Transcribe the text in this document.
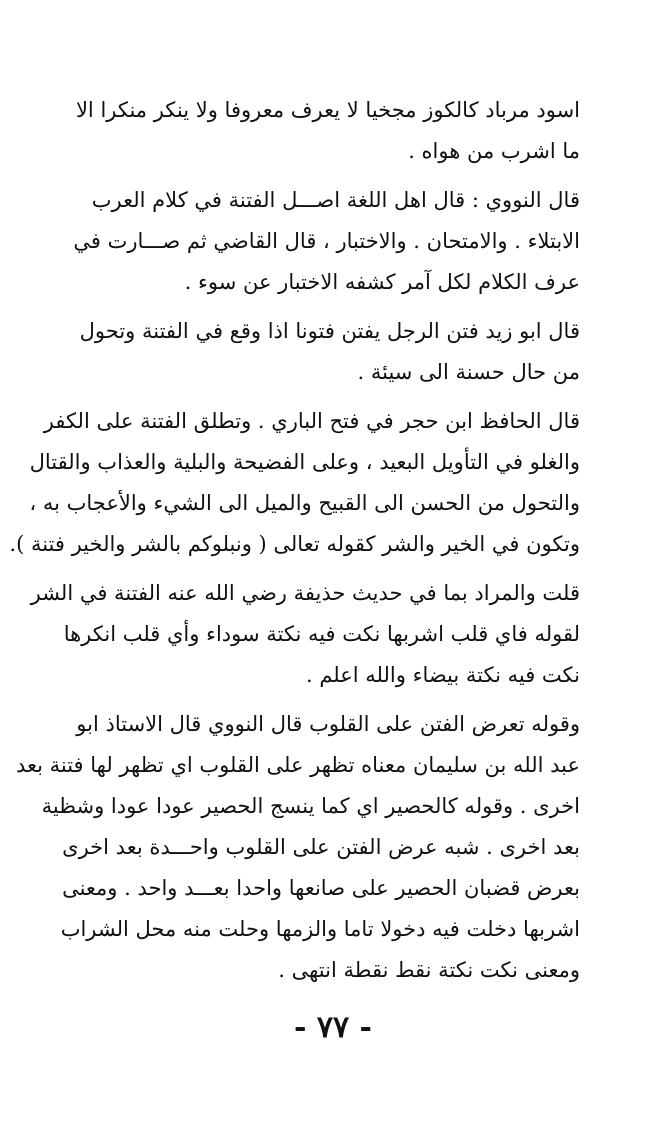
اسود مرباد كالكوز مجخيا لا يعرف معروفا ولا ينكر منكرا الا
ما اشرب من هواه .
قال النووي : قال اهل اللغة اصـــل الفتنة في كلام العرب
الابتلاء . والامتحان . والاختبار ، قال القاضي ثم صـــارت في
عرف الكلام لكل آمر كشفه الاختبار عن سوء .
قال ابو زيد فتن الرجل يفتن فتونا اذا وقع في الفتنة وتحول
من حال حسنة الى سيئة .
قال الحافظ ابن حجر في فتح الباري . وتطلق الفتنة على الكفر
والغلو في التأويل البعيد ، وعلى الفضيحة والبلية والعذاب والقتال
والتحول من الحسن الى القبيح والميل الى الشيء والأعجاب به ،
وتكون في الخير والشر كقوله تعالى ( ونبلوكم بالشر والخير فتنة ).
قلت والمراد بما في حديث حذيفة رضي الله عنه الفتنة في الشر
لقوله فاي قلب اشربها نكت فيه نكتة سوداء وأي قلب انكرها
نكت فيه نكتة بيضاء والله اعلم .
وقوله تعرض الفتن على القلوب قال النووي قال الاستاذ ابو
عبد الله بن سليمان معناه تظهر على القلوب اي تظهر لها فتنة بعد
اخرى . وقوله كالحصير اي كما ينسج الحصير عودا عودا وشظية
بعد اخرى . شبه عرض الفتن على القلوب واحـــدة بعد اخرى
بعرض قضبان الحصير على صانعها واحدا بعـــد واحد . ومعنى
اشربها دخلت فيه دخولا تاما والزمها وحلت منه محل الشراب
ومعنى نكت نكتة نقط نقطة انتهى .
- ٧٧ -
